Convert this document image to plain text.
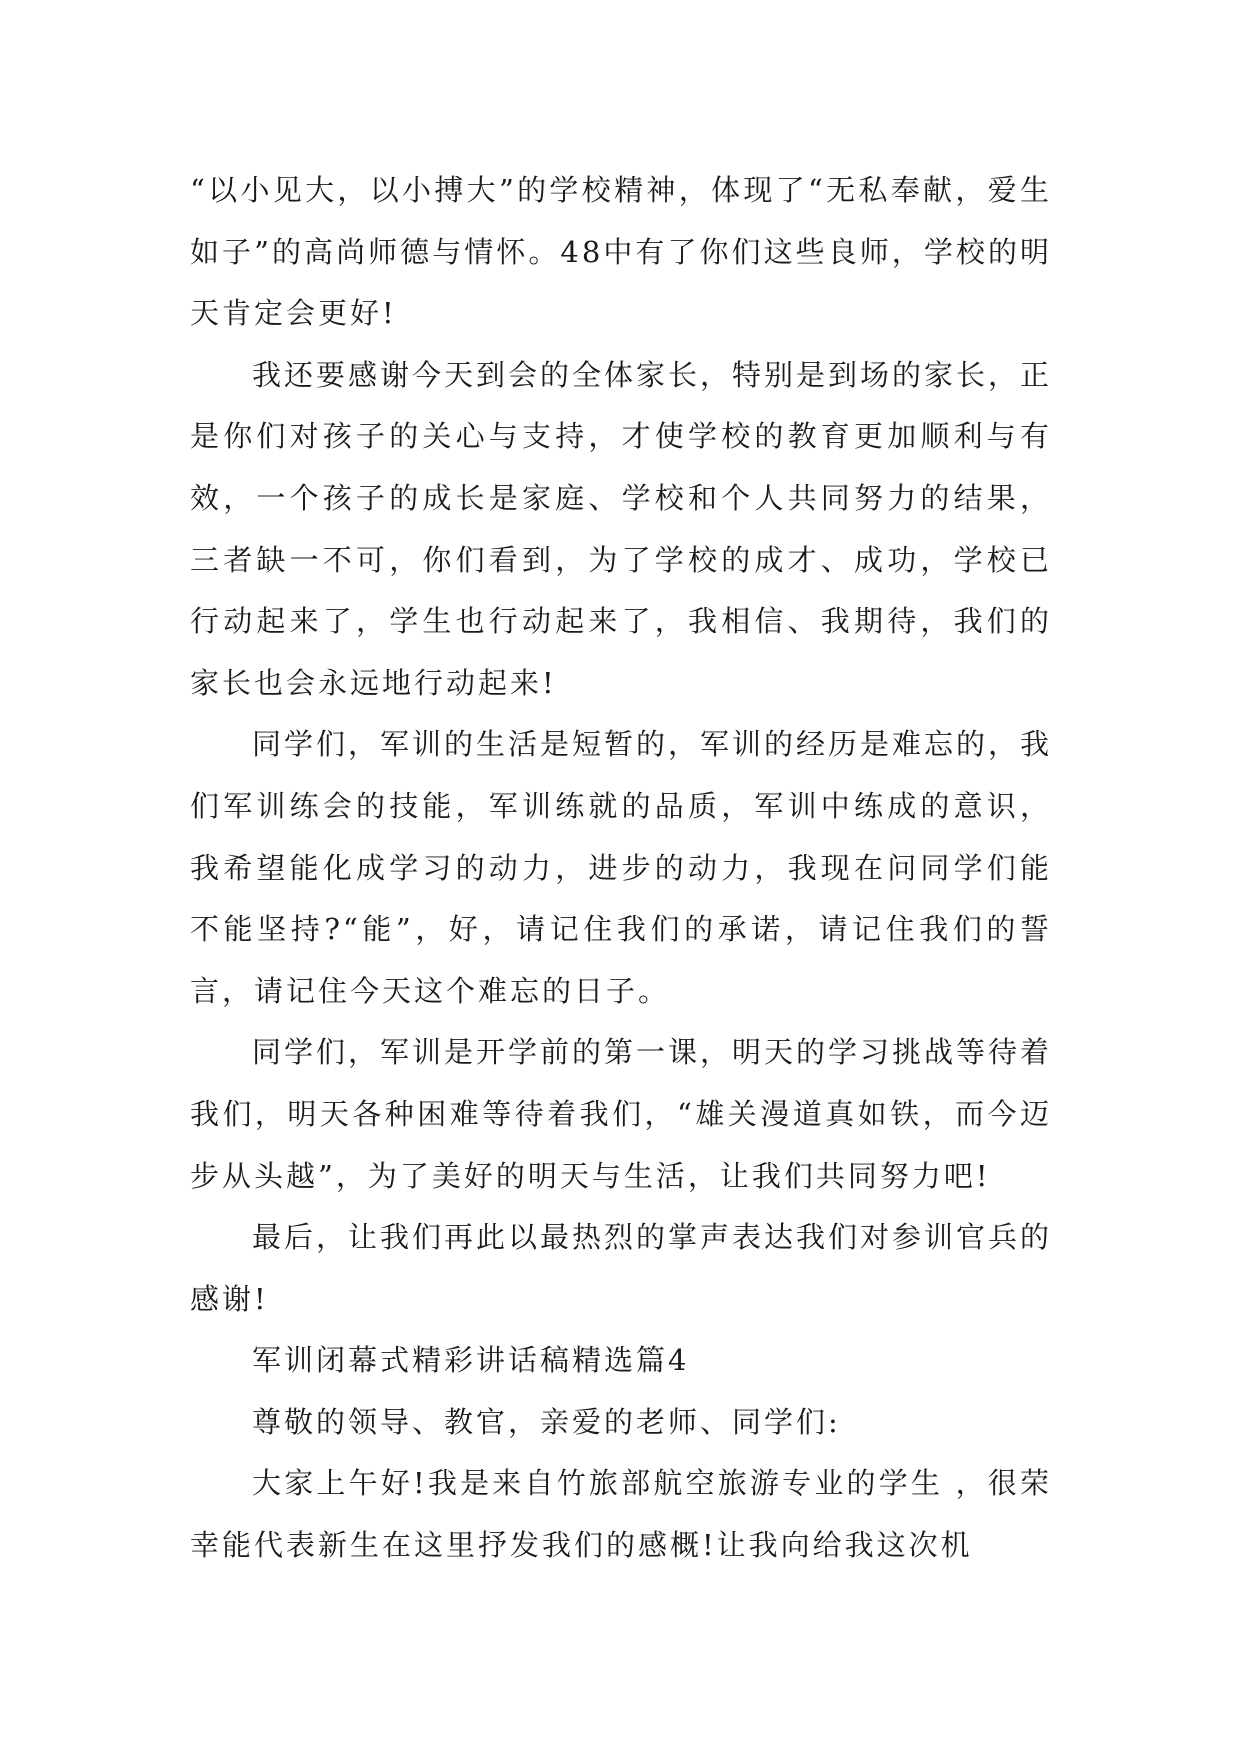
“以小见大，以小搏大”的学校精神，体现了“无私奉献，爱生如子”的高尚师德与情怀。48中有了你们这些良师，学校的明天肯定会更好!

我还要感谢今天到会的全体家长，特别是到场的家长，正是你们对孩子的关心与支持，才使学校的教育更加顺利与有效，一个孩子的成长是家庭、学校和个人共同努力的结果，三者缺一不可，你们看到，为了学校的成才、成功，学校已行动起来了，学生也行动起来了，我相信、我期待，我们的家长也会永远地行动起来!

同学们，军训的生活是短暂的，军训的经历是难忘的，我们军训练会的技能，军训练就的品质，军训中练成的意识，我希望能化成学习的动力，进步的动力，我现在问同学们能不能坚持?“能”，好，请记住我们的承诺，请记住我们的誓言，请记住今天这个难忘的日子。

同学们，军训是开学前的第一课，明天的学习挑战等待着我们，明天各种困难等待着我们，“雄关漫道真如铁，而今迈步从头越”，为了美好的明天与生活，让我们共同努力吧!

最后，让我们再此以最热烈的掌声表达我们对参训官兵的感谢!

军训闭幕式精彩讲话稿精选篇4

尊敬的领导、教官，亲爱的老师、同学们:

大家上午好!我是来自竹旅部航空旅游专业的学生 ，很荣幸能代表新生在这里抒发我们的感概!让我向给我这次机
